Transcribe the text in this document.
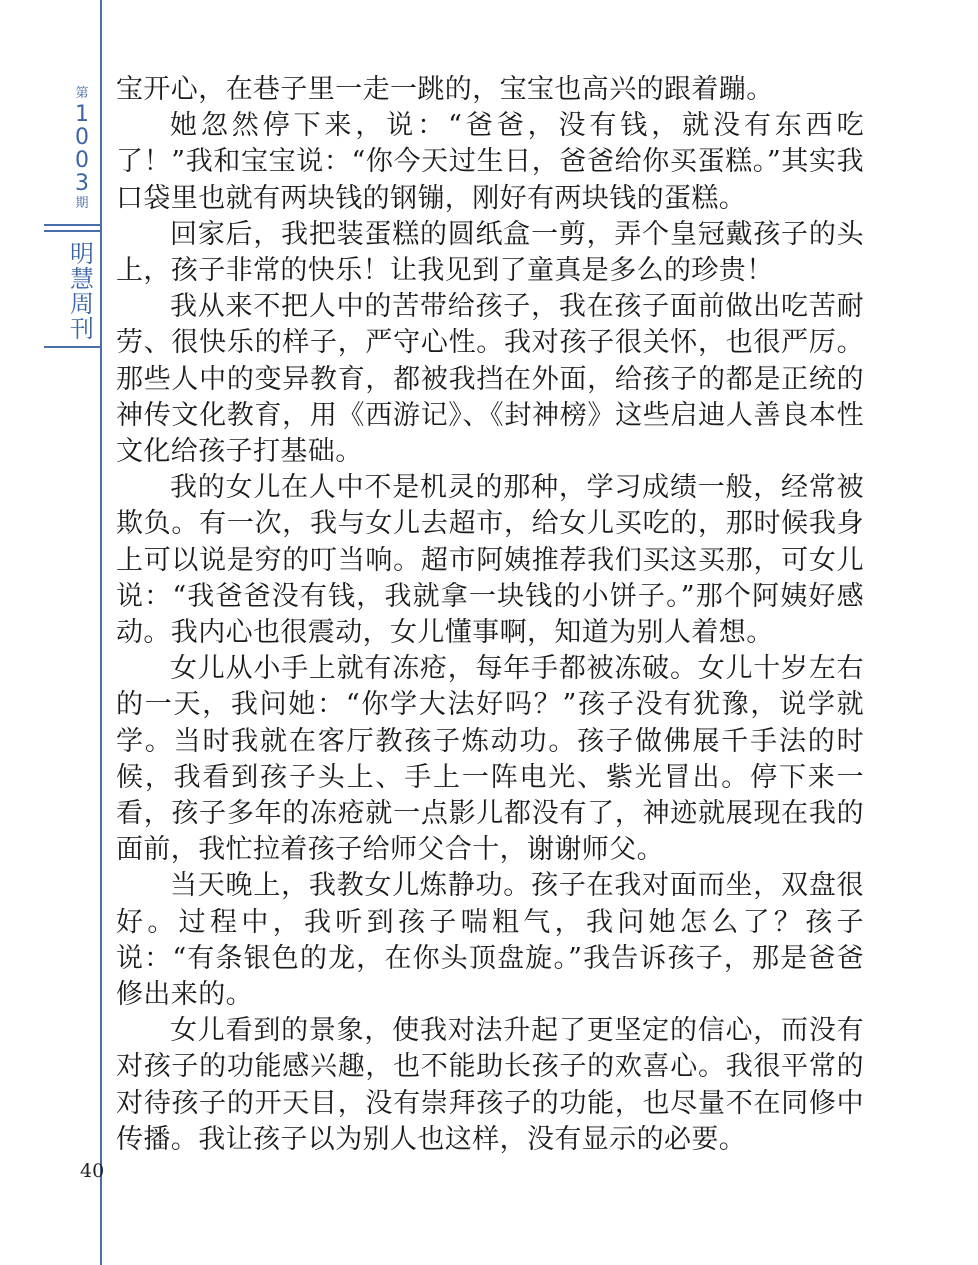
第
1
0
0
3
期
明
慧
周
刊
40

宝开心，在巷子里一走一跳的，宝宝也高兴的跟着蹦。

她忽然停下来，说：“爸爸，没有钱，就没有东西吃了！”我和宝宝说：“你今天过生日，爸爸给你买蛋糕。”其实我口袋里也就有两块钱的钢镚，刚好有两块钱的蛋糕。

回家后，我把装蛋糕的圆纸盒一剪，弄个皇冠戴孩子的头上，孩子非常的快乐！让我见到了童真是多么的珍贵！

我从来不把人中的苦带给孩子，我在孩子面前做出吃苦耐劳、很快乐的样子，严守心性。我对孩子很关怀，也很严厉。那些人中的变异教育，都被我挡在外面，给孩子的都是正统的神传文化教育，用《西游记》、《封神榜》这些启迪人善良本性文化给孩子打基础。

我的女儿在人中不是机灵的那种，学习成绩一般，经常被欺负。有一次，我与女儿去超市，给女儿买吃的，那时候我身上可以说是穷的叮当响。超市阿姨推荐我们买这买那，可女儿说：“我爸爸没有钱，我就拿一块钱的小饼子。”那个阿姨好感动。我内心也很震动，女儿懂事啊，知道为别人着想。

女儿从小手上就有冻疮，每年手都被冻破。女儿十岁左右的一天，我问她：“你学大法好吗？”孩子没有犹豫，说学就学。当时我就在客厅教孩子炼动功。孩子做佛展千手法的时候，我看到孩子头上、手上一阵电光、紫光冒出。停下来一看，孩子多年的冻疮就一点影儿都没有了，神迹就展现在我的面前，我忙拉着孩子给师父合十，谢谢师父。

当天晚上，我教女儿炼静功。孩子在我对面而坐，双盘很好。过程中，我听到孩子喘粗气，我问她怎么了？孩子说：“有条银色的龙，在你头顶盘旋。”我告诉孩子，那是爸爸修出来的。

女儿看到的景象，使我对法升起了更坚定的信心，而没有对孩子的功能感兴趣，也不能助长孩子的欢喜心。我很平常的对待孩子的开天目，没有崇拜孩子的功能，也尽量不在同修中传播。我让孩子以为别人也这样，没有显示的必要。
